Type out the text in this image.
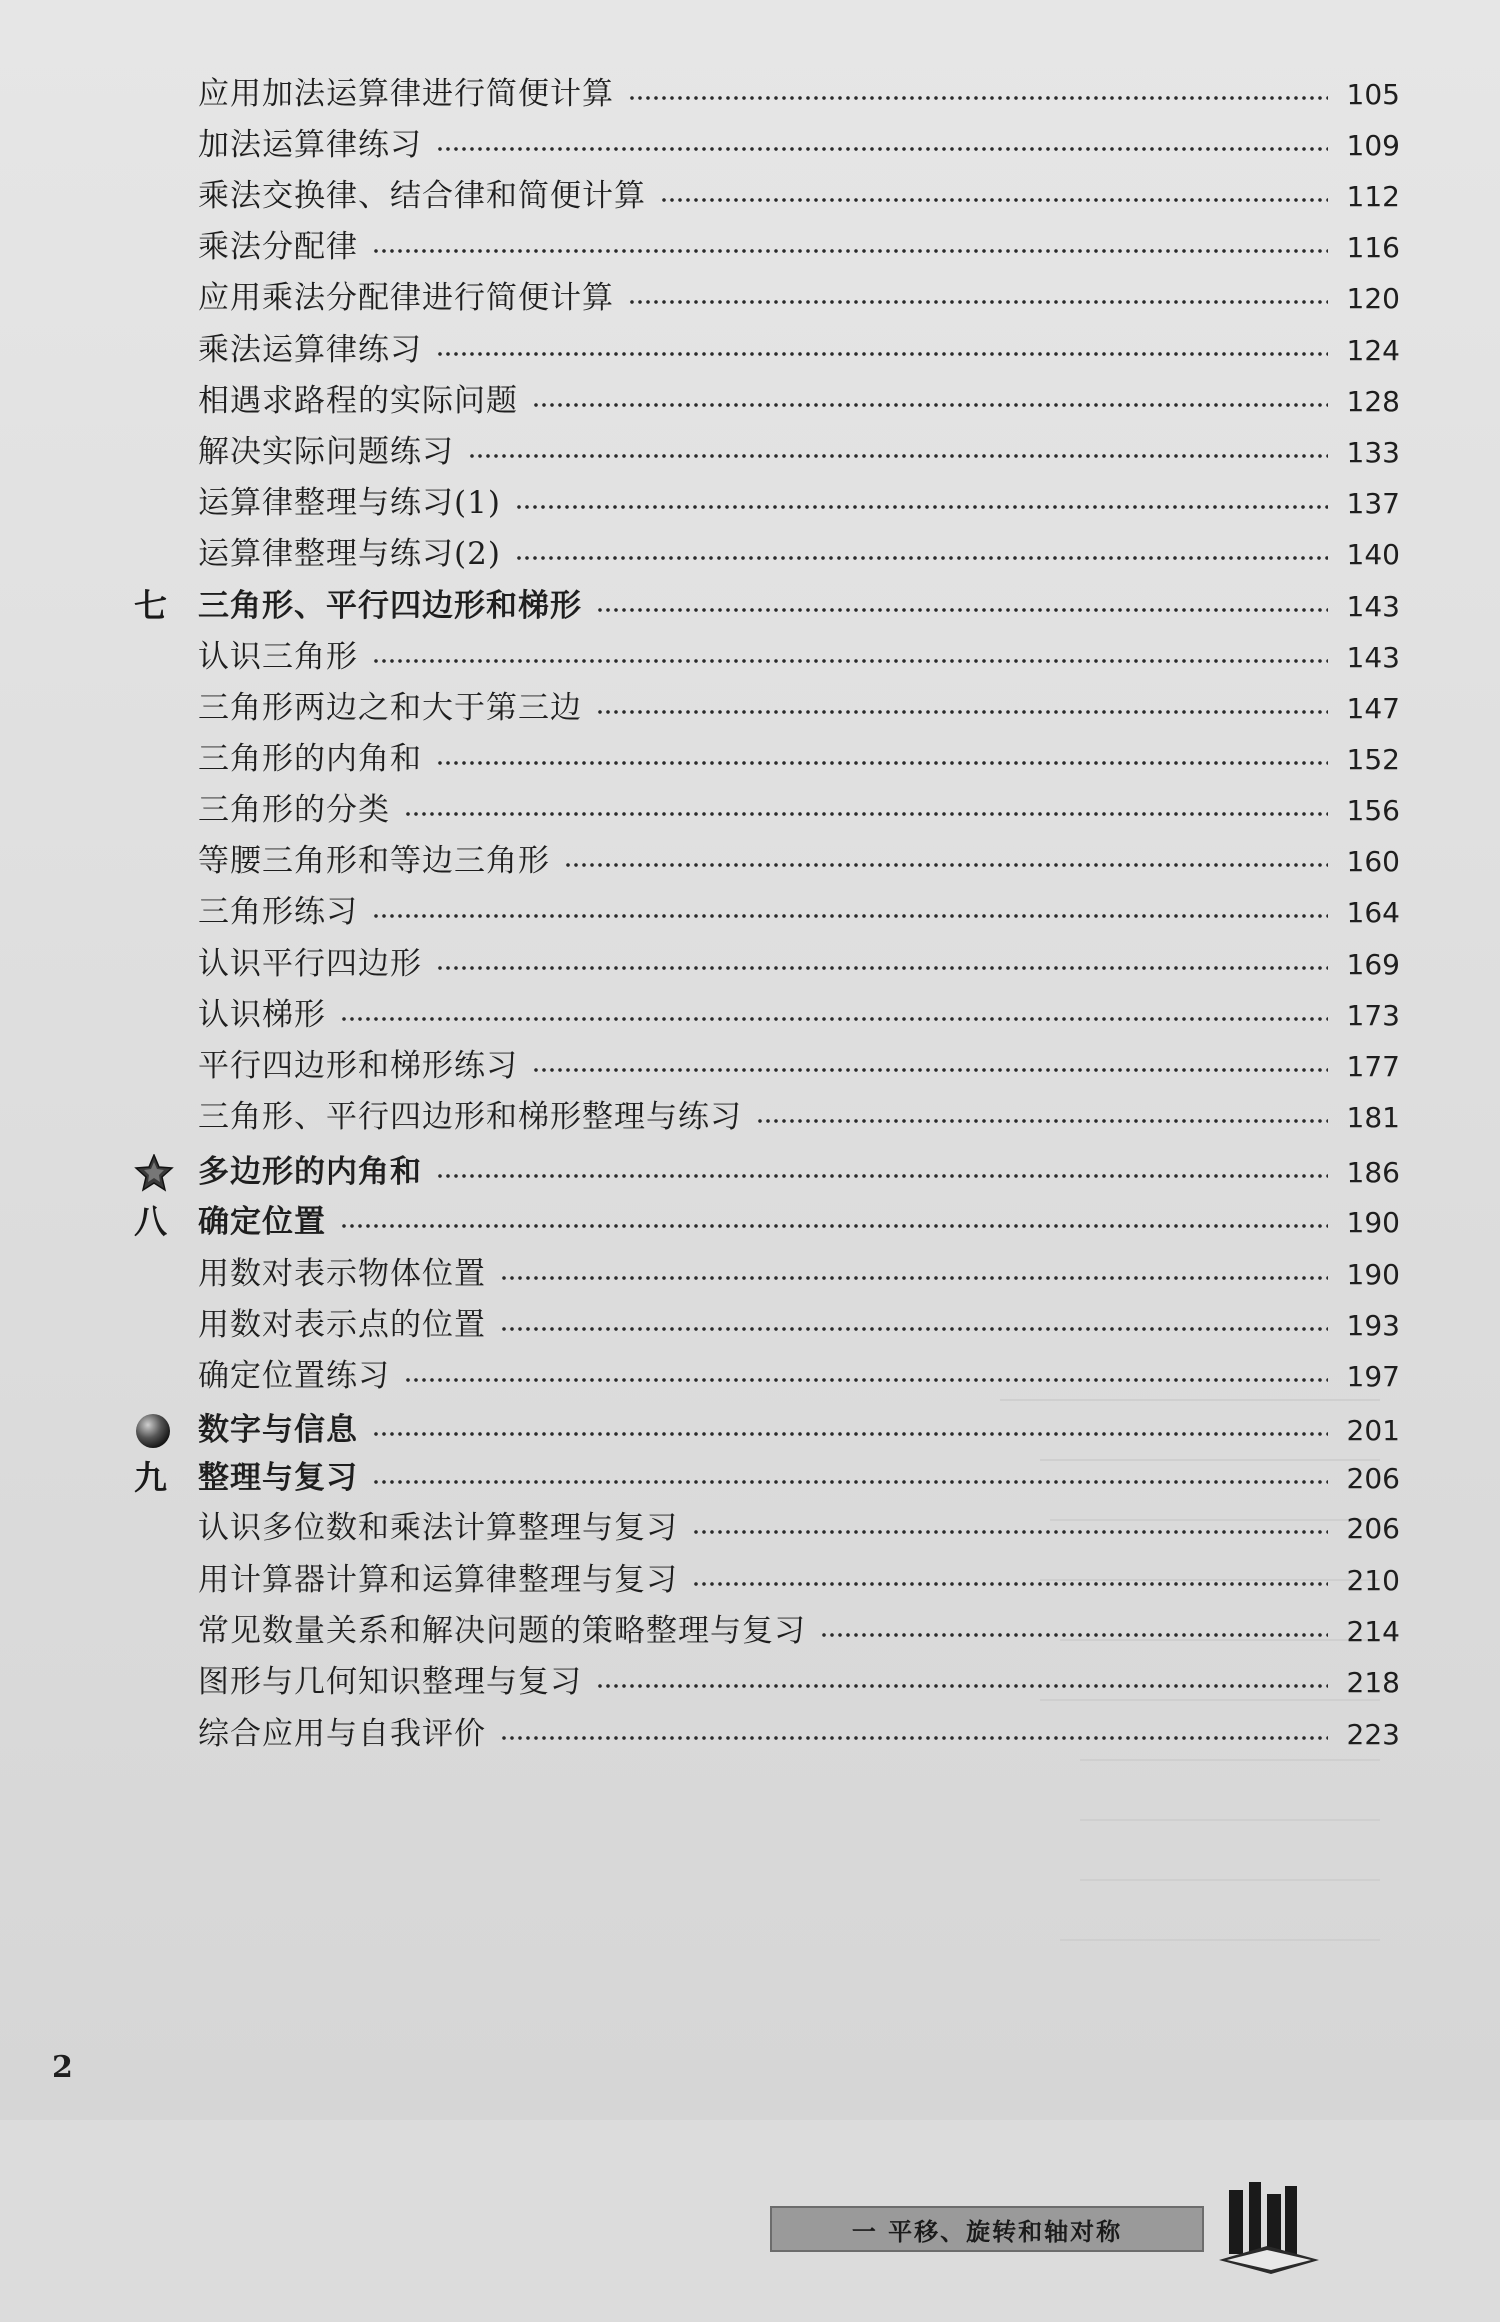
应用加法运算律进行简便计算	105
加法运算律练习	109
乘法交换律、结合律和简便计算	112
乘法分配律	116
应用乘法分配律进行简便计算	120
乘法运算律练习	124
相遇求路程的实际问题	128
解决实际问题练习	133
运算律整理与练习(1)	137
运算律整理与练习(2)	140
七	三角形、平行四边形和梯形	143
认识三角形	143
三角形两边之和大于第三边	147
三角形的内角和	152
三角形的分类	156
等腰三角形和等边三角形	160
三角形练习	164
认识平行四边形	169
认识梯形	173
平行四边形和梯形练习	177
三角形、平行四边形和梯形整理与练习	181
多边形的内角和	186
八	确定位置	190
用数对表示物体位置	190
用数对表示点的位置	193
确定位置练习	197
数字与信息	201
九	整理与复习	206
认识多位数和乘法计算整理与复习	206
用计算器计算和运算律整理与复习	210
常见数量关系和解决问题的策略整理与复习	214
图形与几何知识整理与复习	218
综合应用与自我评价	223
2
一 平移、旋转和轴对称
